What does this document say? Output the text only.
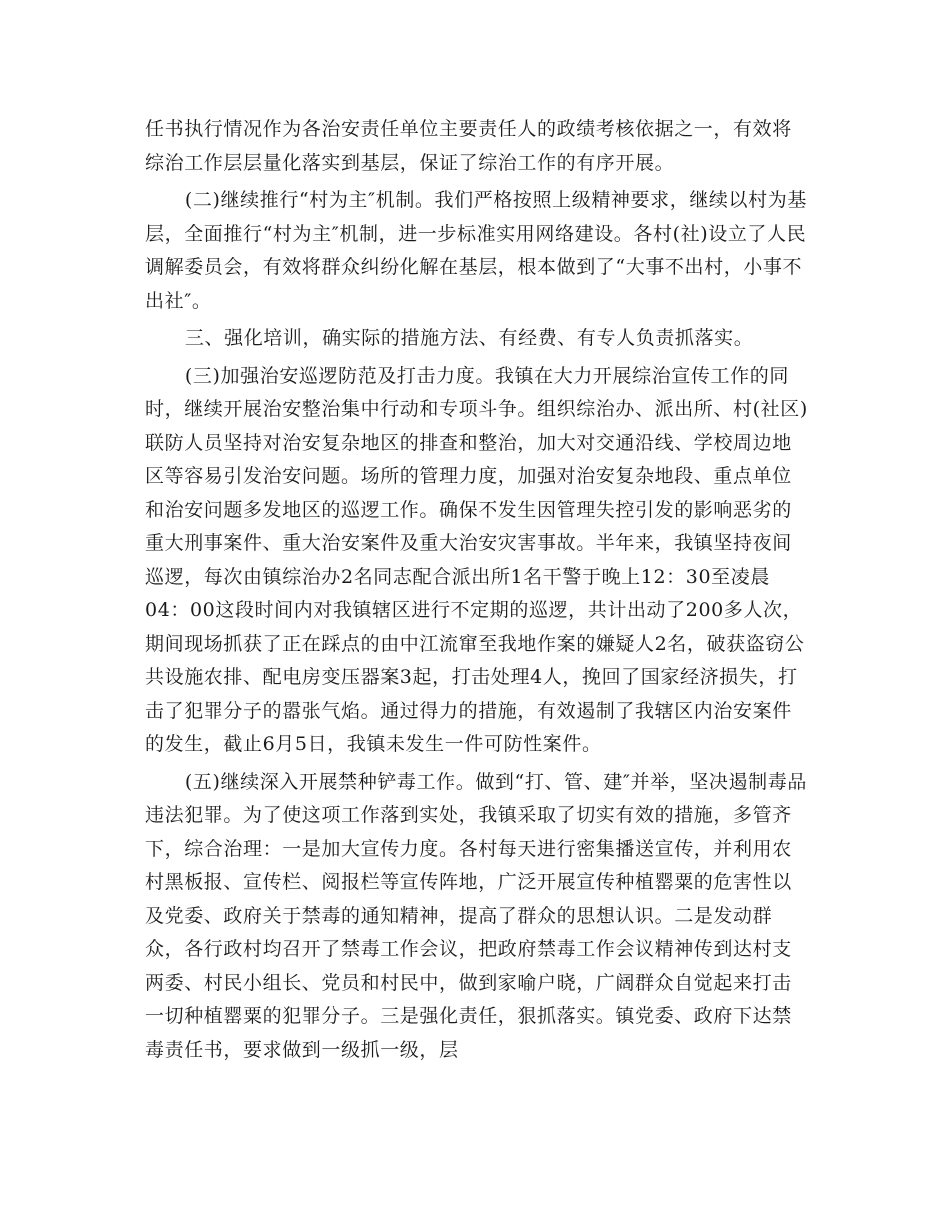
任书执行情况作为各治安责任单位主要责任人的政绩考核依据之一，有效将综治工作层层量化落实到基层，保证了综治工作的有序开展。

(二)继续推行“村为主″机制。我们严格按照上级精神要求，继续以村为基层，全面推行“村为主″机制，进一步标准实用网络建设。各村(社)设立了人民调解委员会，有效将群众纠纷化解在基层，根本做到了“大事不出村，小事不出社″。

三、强化培训，确实际的措施方法、有经费、有专人负责抓落实。

(三)加强治安巡逻防范及打击力度。我镇在大力开展综治宣传工作的同时，继续开展治安整治集中行动和专项斗争。组织综治办、派出所、村(社区)联防人员坚持对治安复杂地区的排查和整治，加大对交通沿线、学校周边地区等容易引发治安问题。场所的管理力度，加强对治安复杂地段、重点单位和治安问题多发地区的巡逻工作。确保不发生因管理失控引发的影响恶劣的重大刑事案件、重大治安案件及重大治安灾害事故。半年来，我镇坚持夜间巡逻，每次由镇综治办2名同志配合派出所1名干警于晚上12：30至凌晨04：00这段时间内对我镇辖区进行不定期的巡逻，共计出动了200多人次，期间现场抓获了正在踩点的由中江流窜至我地作案的嫌疑人2名，破获盗窃公共设施农排、配电房变压器案3起，打击处理4人，挽回了国家经济损失，打击了犯罪分子的嚣张气焰。通过得力的措施，有效遏制了我辖区内治安案件的发生，截止6月5日，我镇未发生一件可防性案件。

(五)继续深入开展禁种铲毒工作。做到“打、管、建″并举，坚决遏制毒品违法犯罪。为了使这项工作落到实处，我镇采取了切实有效的措施，多管齐下，综合治理：一是加大宣传力度。各村每天进行密集播送宣传，并利用农村黑板报、宣传栏、阅报栏等宣传阵地，广泛开展宣传种植罂粟的危害性以及党委、政府关于禁毒的通知精神，提高了群众的思想认识。二是发动群众，各行政村均召开了禁毒工作会议，把政府禁毒工作会议精神传到达村支两委、村民小组长、党员和村民中，做到家喻户晓，广阔群众自觉起来打击一切种植罂粟的犯罪分子。三是强化责任，狠抓落实。镇党委、政府下达禁毒责任书，要求做到一级抓一级，层
